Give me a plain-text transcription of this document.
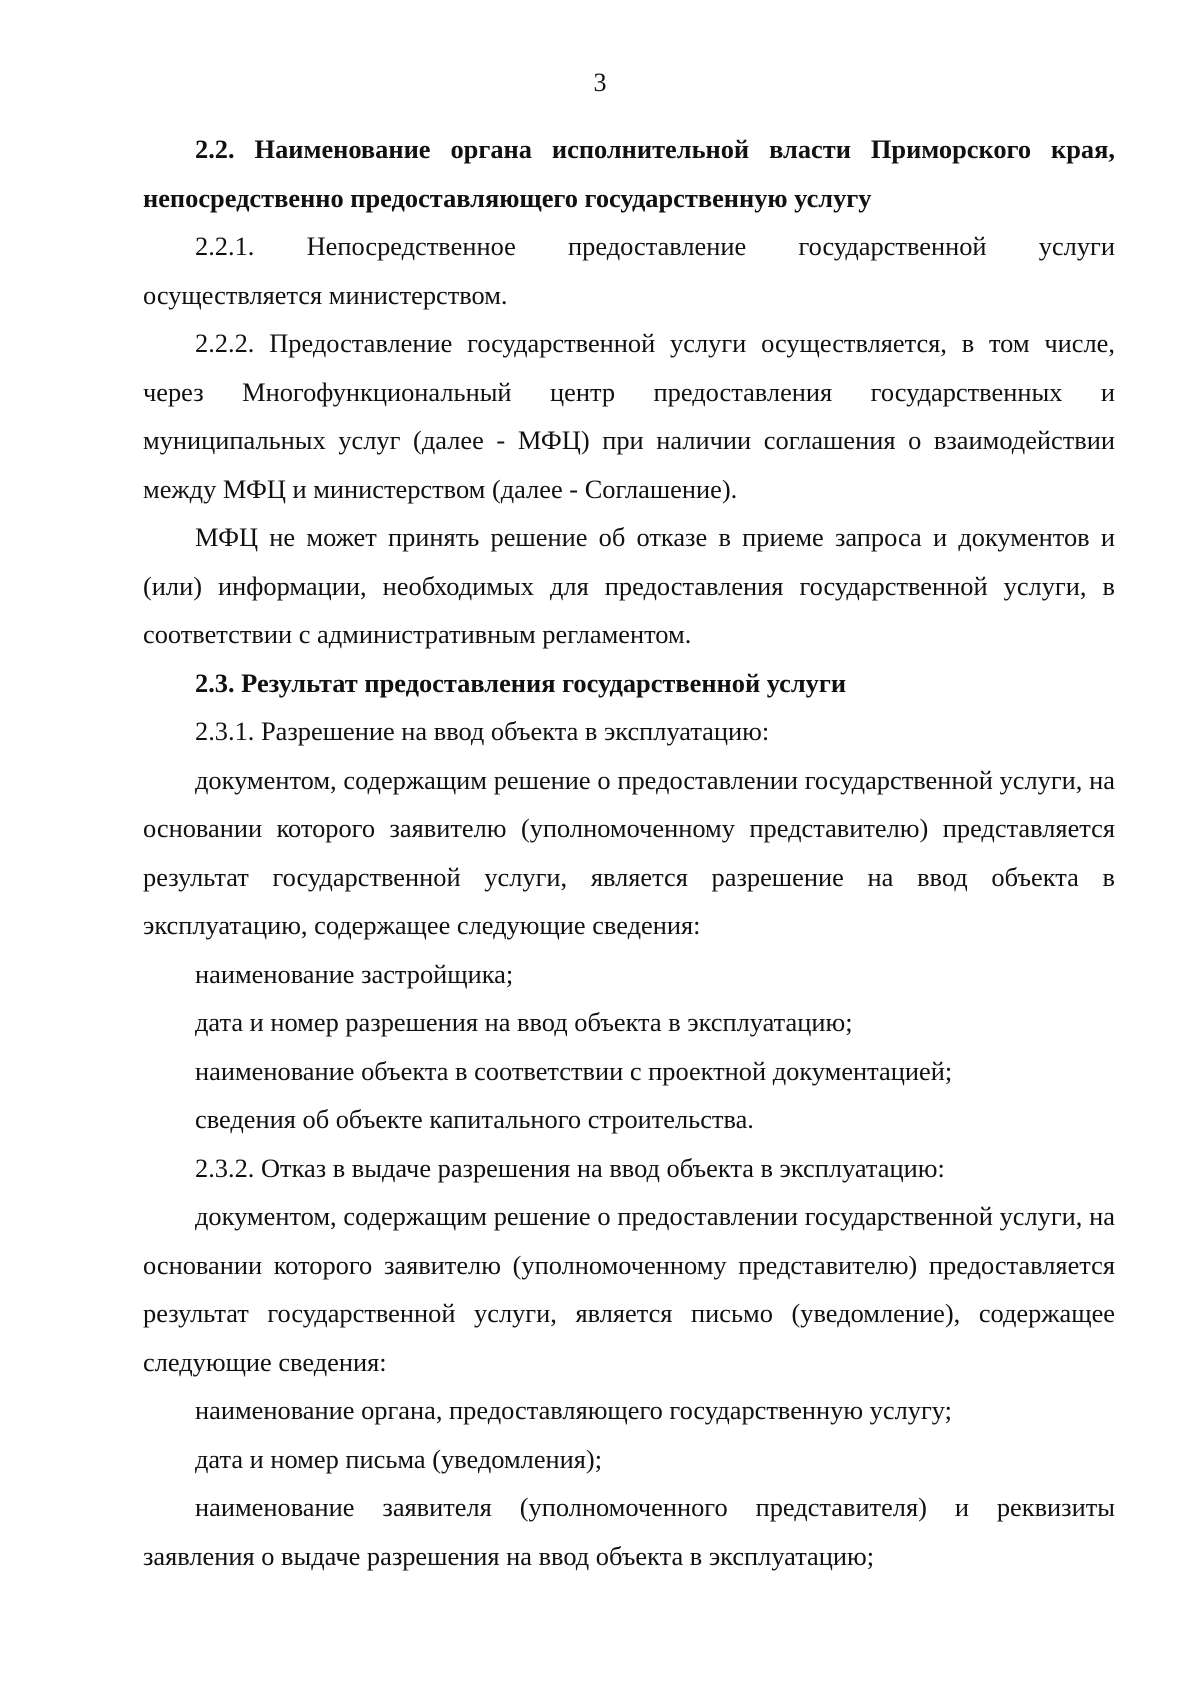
3

2.2. Наименование органа исполнительной власти Приморского края, непосредственно предоставляющего государственную услугу

2.2.1. Непосредственное предоставление государственной услуги осуществляется министерством.

2.2.2. Предоставление государственной услуги осуществляется, в том числе, через Многофункциональный центр предоставления государственных и муниципальных услуг (далее - МФЦ) при наличии соглашения о взаимодействии между МФЦ и министерством (далее - Соглашение).

МФЦ не может принять решение об отказе в приеме запроса и документов и (или) информации, необходимых для предоставления государственной услуги, в соответствии с административным регламентом.

2.3. Результат предоставления государственной услуги

2.3.1. Разрешение на ввод объекта в эксплуатацию:

документом, содержащим решение о предоставлении государственной услуги, на основании которого заявителю (уполномоченному представителю) представляется результат государственной услуги, является разрешение на ввод объекта в эксплуатацию, содержащее следующие сведения:

наименование застройщика;

дата и номер разрешения на ввод объекта в эксплуатацию;

наименование объекта в соответствии с проектной документацией;

сведения об объекте капитального строительства.

2.3.2. Отказ в выдаче разрешения на ввод объекта в эксплуатацию:

документом, содержащим решение о предоставлении государственной услуги, на основании которого заявителю (уполномоченному представителю) предоставляется результат государственной услуги, является письмо (уведомление), содержащее следующие сведения:

наименование органа, предоставляющего государственную услугу;

дата и номер письма (уведомления);

наименование заявителя (уполномоченного представителя) и реквизиты заявления о выдаче разрешения на ввод объекта в эксплуатацию;
